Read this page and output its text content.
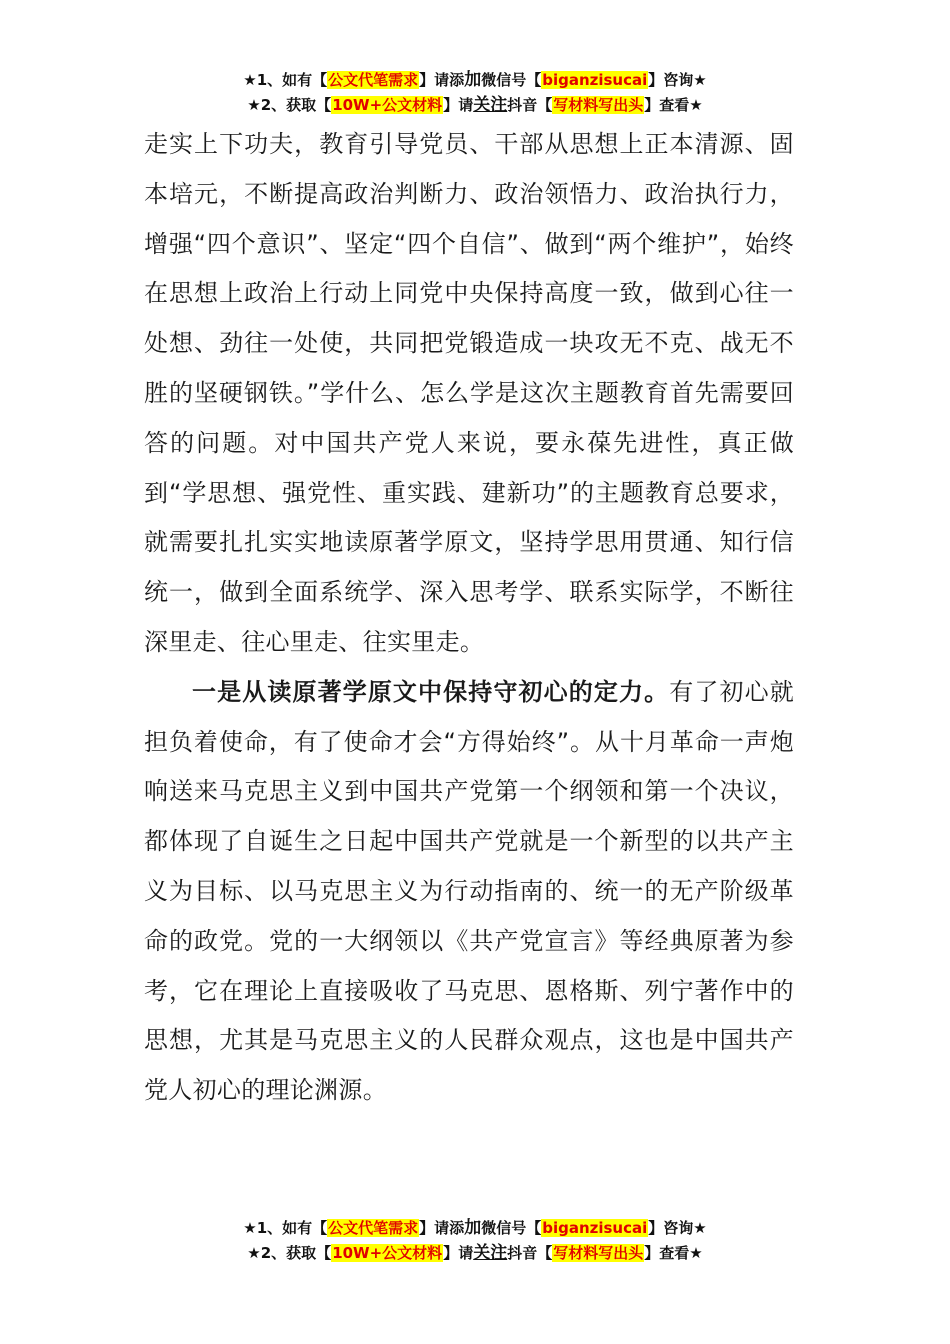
★1、如有【公文代笔需求】请添加微信号【biganzisucai】咨询★
★2、获取【10W+公文材料】请关注抖音【写材料写出头】查看★

走实上下功夫，教育引导党员、干部从思想上正本清源、固本培元，不断提高政治判断力、政治领悟力、政治执行力，增强“四个意识”、坚定“四个自信”、做到“两个维护”，始终在思想上政治上行动上同党中央保持高度一致，做到心往一处想、劲往一处使，共同把党锻造成一块攻无不克、战无不胜的坚硬钢铁。”学什么、怎么学是这次主题教育首先需要回答的问题。对中国共产党人来说，要永葆先进性，真正做到“学思想、强党性、重实践、建新功”的主题教育总要求，就需要扎扎实实地读原著学原文，坚持学思用贯通、知行信统一，做到全面系统学、深入思考学、联系实际学，不断往深里走、往心里走、往实里走。

一是从读原著学原文中保持守初心的定力。有了初心就担负着使命，有了使命才会“方得始终”。从十月革命一声炮响送来马克思主义到中国共产党第一个纲领和第一个决议，都体现了自诞生之日起中国共产党就是一个新型的以共产主义为目标、以马克思主义为行动指南的、统一的无产阶级革命的政党。党的一大纲领以《共产党宣言》等经典原著为参考，它在理论上直接吸收了马克思、恩格斯、列宁著作中的思想，尤其是马克思主义的人民群众观点，这也是中国共产党人初心的理论渊源。

★1、如有【公文代笔需求】请添加微信号【biganzisucai】咨询★
★2、获取【10W+公文材料】请关注抖音【写材料写出头】查看★
